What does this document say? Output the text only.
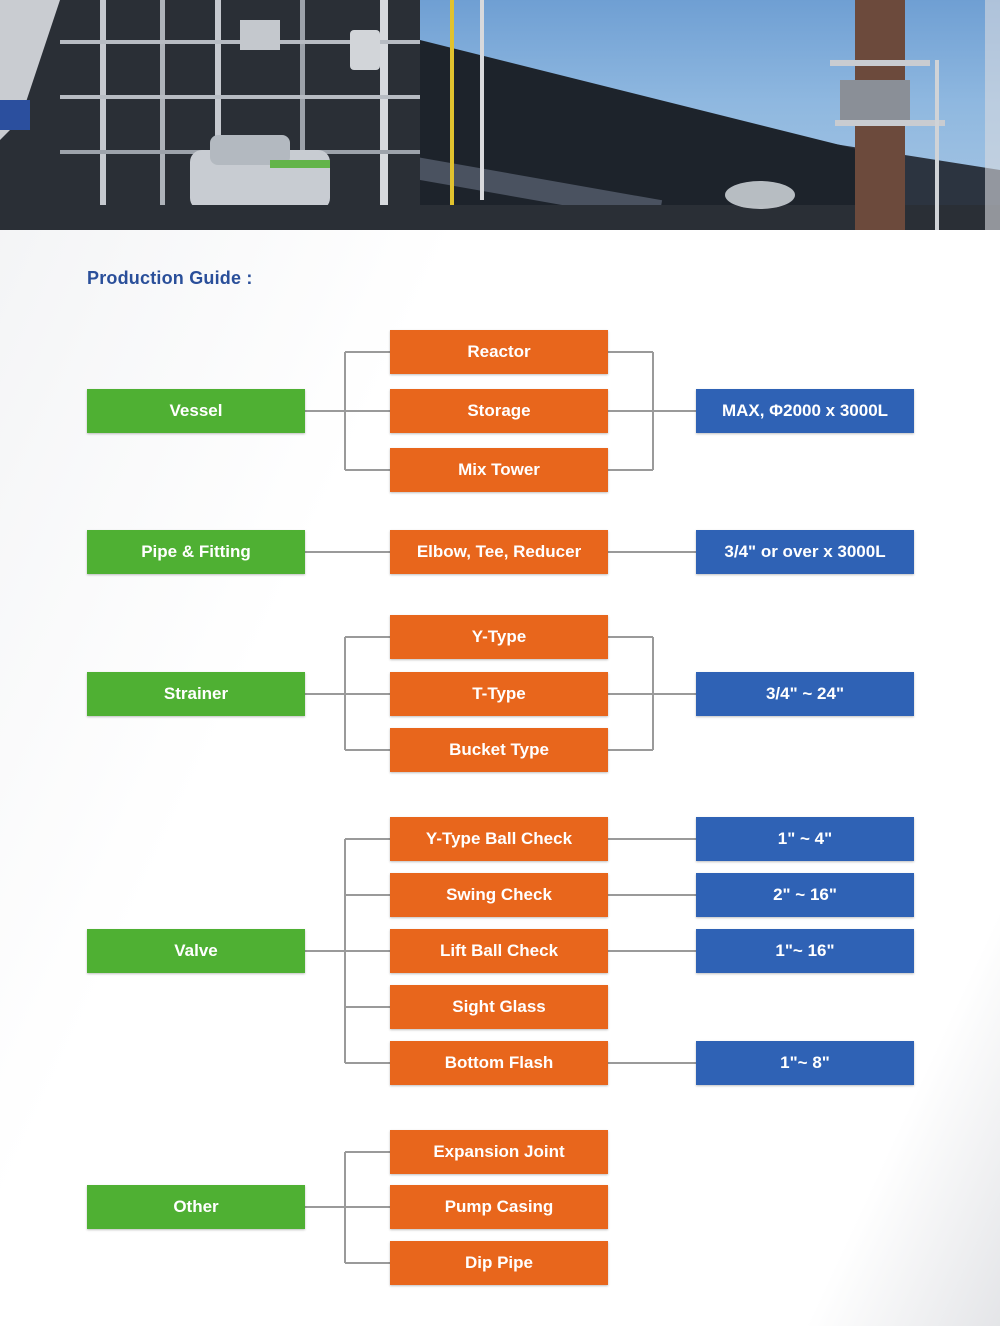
Production Guide :
Vessel
Reactor
Storage
Mix Tower
MAX, Φ2000 x 3000L
Pipe & Fitting	Elbow, Tee, Reducer	3/4" or over x 3000L
Strainer
Y-Type
T-Type
Bucket Type
3/4" ~ 24"
Valve
Y-Type Ball Check
Swing Check
Lift Ball Check
Sight Glass
Bottom Flash
1" ~ 4"
2" ~ 16"
1"~ 16"
1"~ 8"
Other
Expansion Joint
Pump Casing
Dip Pipe
